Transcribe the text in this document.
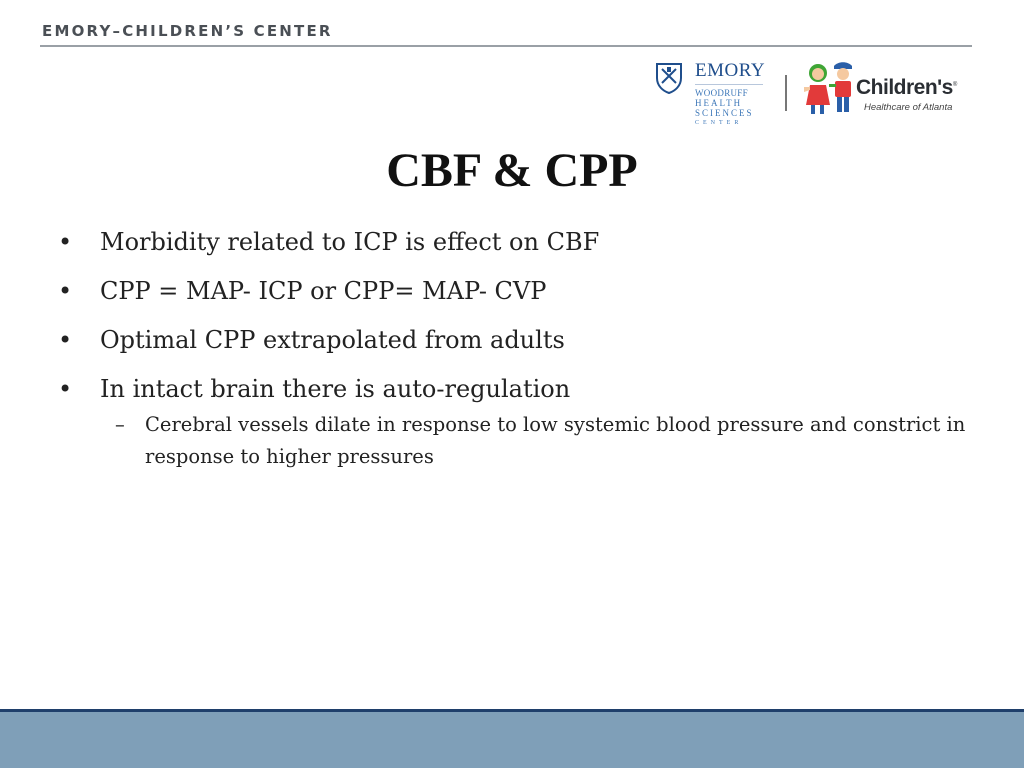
EMORY–CHILDREN’S CENTER
EMORY
WOODRUFF
HEALTH
SCIENCES
CENTER
Children's®
Healthcare of Atlanta
CBF & CPP
• Morbidity related to ICP is effect on CBF
• CPP = MAP- ICP or CPP= MAP- CVP
• Optimal CPP extrapolated from adults
• In intact brain there is auto-regulation
– Cerebral vessels dilate in response to low systemic blood pressure and constrict in response to higher pressures
